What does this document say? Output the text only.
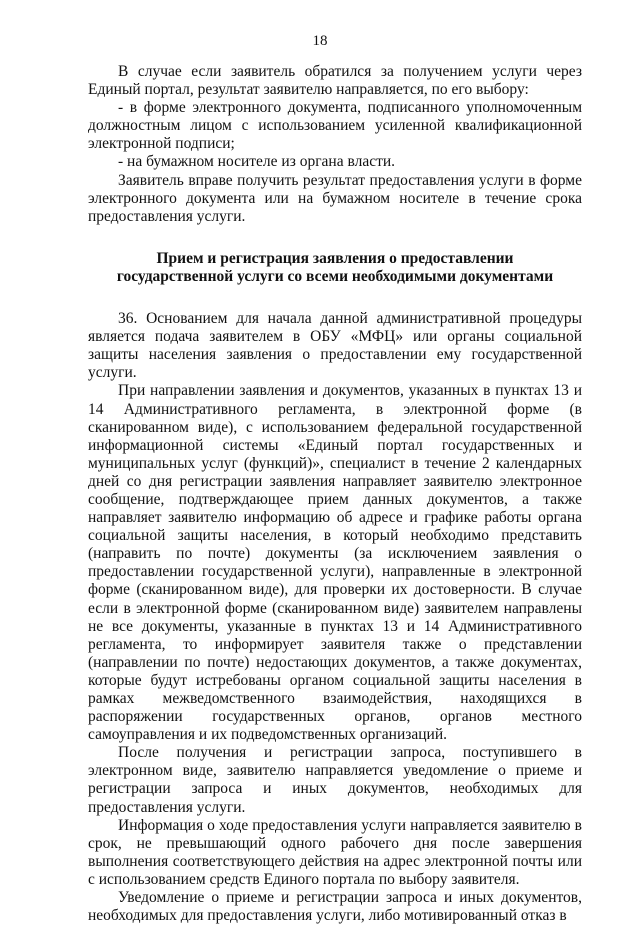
18

В случае если заявитель обратился за получением услуги через Единый портал, результат заявителю направляется, по его выбору:

- в форме электронного документа, подписанного уполномоченным должностным лицом с использованием усиленной квалификационной электронной подписи;

- на бумажном носителе из органа власти.

Заявитель вправе получить результат предоставления услуги в форме электронного документа или на бумажном носителе в течение срока предоставления услуги.

Прием и регистрация заявления о предоставлении
государственной услуги со всеми необходимыми документами

36. Основанием для начала данной административной процедуры является подача заявителем в ОБУ «МФЦ» или органы социальной защиты населения заявления о предоставлении ему государственной услуги.

При направлении заявления и документов, указанных в пунктах 13 и 14 Административного регламента, в электронной форме (в сканированном виде), с использованием федеральной государственной информационной системы «Единый портал государственных и муниципальных услуг (функций)», специалист в течение 2 календарных дней со дня регистрации заявления направляет заявителю электронное сообщение, подтверждающее прием данных документов, а также направляет заявителю информацию об адресе и графике работы органа социальной защиты населения, в который необходимо представить (направить по почте) документы (за исключением заявления о предоставлении государственной услуги), направленные в электронной форме (сканированном виде), для проверки их достоверности. В случае если в электронной форме (сканированном виде) заявителем направлены не все документы, указанные в пунктах 13 и 14 Административного регламента, то информирует заявителя также о представлении (направлении по почте) недостающих документов, а также документах, которые будут истребованы органом социальной защиты населения в рамках межведомственного взаимодействия, находящихся в распоряжении государственных органов, органов местного самоуправления и их подведомственных организаций.

После получения и регистрации запроса, поступившего в электронном виде, заявителю направляется уведомление о приеме и регистрации запроса и иных документов, необходимых для предоставления услуги.

Информация о ходе предоставления услуги направляется заявителю в срок, не превышающий одного рабочего дня после завершения выполнения соответствующего действия на адрес электронной почты или с использованием средств Единого портала по выбору заявителя.

Уведомление о приеме и регистрации запроса и иных документов, необходимых для предоставления услуги, либо мотивированный отказ в
